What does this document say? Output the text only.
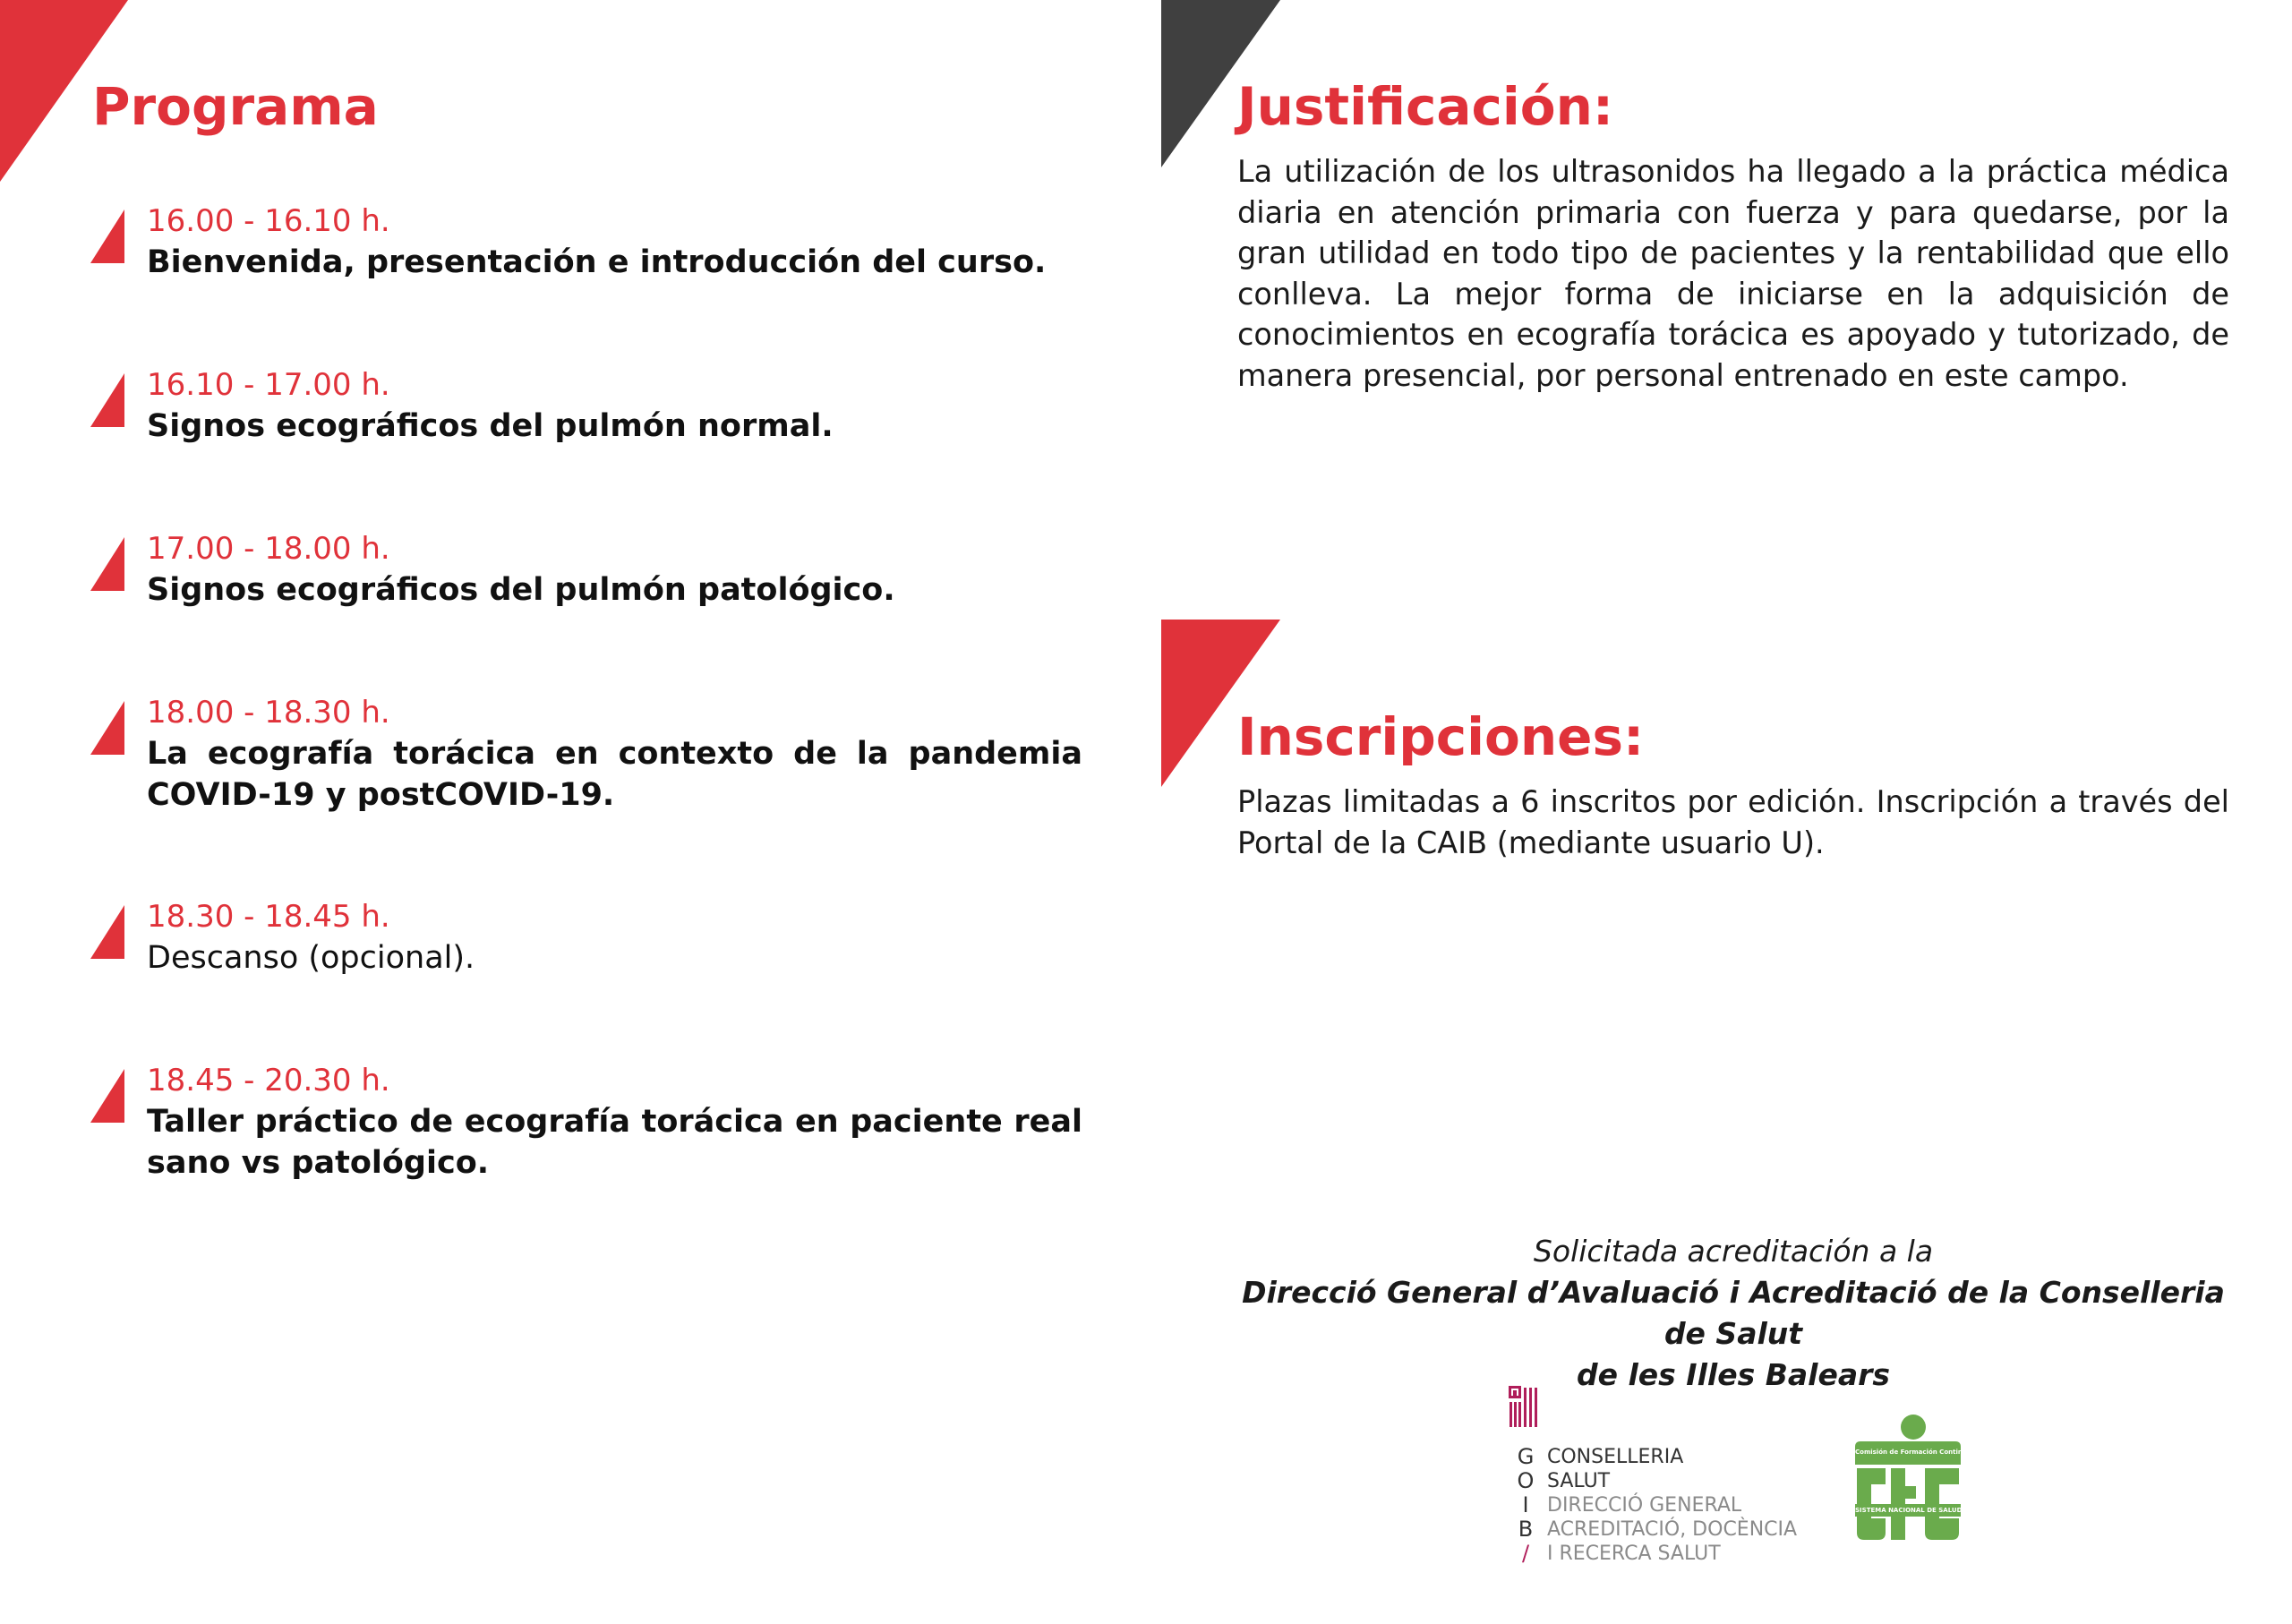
Programa
16.00 - 16.10 h.
Bienvenida, presentación e introducción del curso.
16.10 - 17.00 h.
Signos ecográficos del pulmón normal.
17.00 - 18.00 h.
Signos ecográficos del pulmón patológico.
18.00 - 18.30 h.
La ecografía torácica en contexto de la pandemia COVID-19 y postCOVID-19.
18.30 - 18.45 h.
Descanso (opcional).
18.45 - 20.30 h.
Taller práctico de ecografía torácica en paciente real sano vs patológico.
Justificación:

La utilización de los ultrasonidos ha llegado a la práctica médica diaria en atención primaria con fuerza y para quedarse, por la gran utilidad en todo tipo de pacientes y la rentabilidad que ello conlleva. La mejor forma de iniciarse en la adquisición de conocimientos en ecografía torácica es apoyado y tutorizado, de manera presencial, por personal entrenado en este campo.

Inscripciones:

Plazas limitadas a 6 inscritos por edición. Inscripción a través del Portal de la CAIB (mediante usuario U).

Solicitada acreditación a la
Direcció General d’Avaluació i Acreditació de la Conselleria de Salut
de les Illes Balears
G
O
I
B
/
CONSELLERIA
SALUT
DIRECCIÓ GENERAL
ACREDITACIÓ, DOCÈNCIA
I RECERCA SALUT
Comisión de Formación Continuada
SISTEMA NACIONAL DE SALUD
